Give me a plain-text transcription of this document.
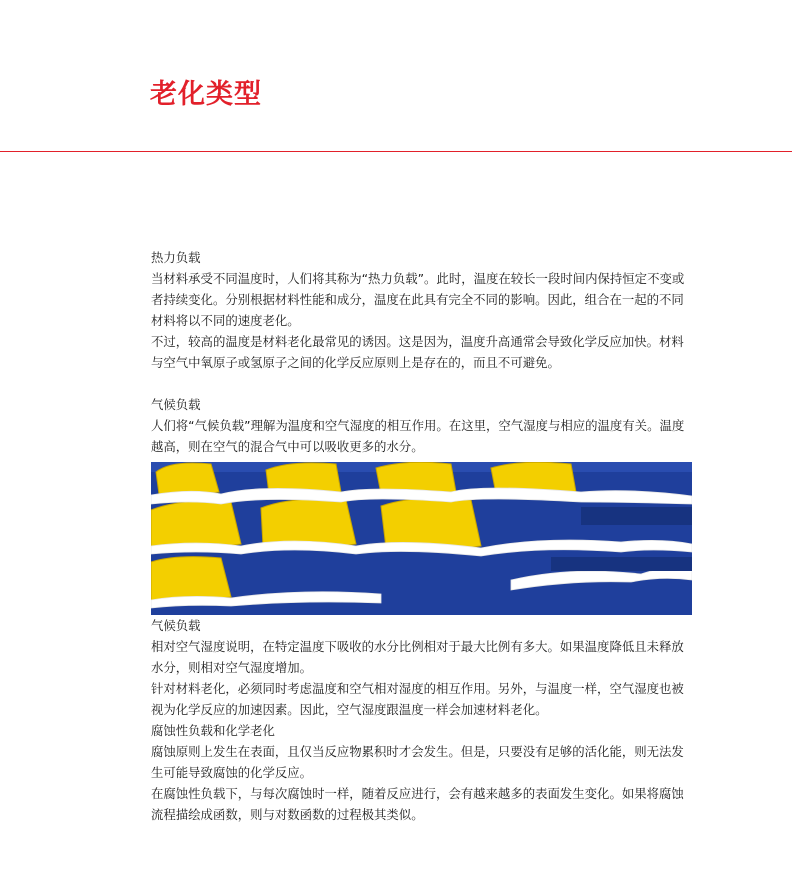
老化类型

热力负载

当材料承受不同温度时，人们将其称为“热力负载”。此时，温度在较长一段时间内保持恒定不变或者持续变化。分别根据材料性能和成分，温度在此具有完全不同的影响。因此，组合在一起的不同材料将以不同的速度老化。

不过，较高的温度是材料老化最常见的诱因。这是因为，温度升高通常会导致化学反应加快。材料与空气中氧原子或氢原子之间的化学反应原则上是存在的，而且不可避免。

气候负载

人们将“气候负载”理解为温度和空气湿度的相互作用。在这里，空气湿度与相应的温度有关。温度越高，则在空气的混合气中可以吸收更多的水分。

气候负载

相对空气湿度说明，在特定温度下吸收的水分比例相对于最大比例有多大。如果温度降低且未释放水分，则相对空气湿度增加。

针对材料老化，必须同时考虑温度和空气相对湿度的相互作用。另外，与温度一样，空气湿度也被视为化学反应的加速因素。因此，空气湿度跟温度一样会加速材料老化。

腐蚀性负载和化学老化

腐蚀原则上发生在表面，且仅当反应物累积时才会发生。但是，只要没有足够的活化能，则无法发生可能导致腐蚀的化学反应。

在腐蚀性负载下，与每次腐蚀时一样，随着反应进行，会有越来越多的表面发生变化。如果将腐蚀流程描绘成函数，则与对数函数的过程极其类似。
